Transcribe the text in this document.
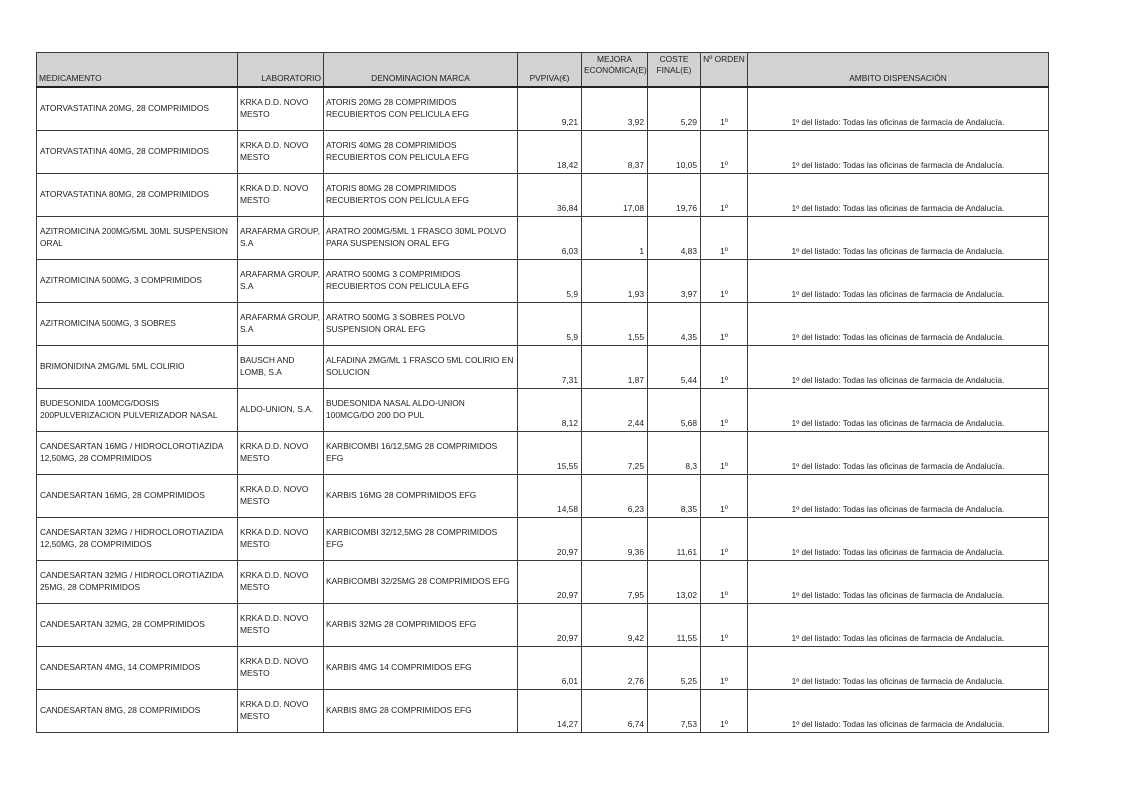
MEDICAMENTO	LABORATORIO	DENOMINACION MARCA	PVPIVA(€)	MEJORA ECONÓMICA(E)	COSTE FINAL(E)	Nº ORDEN	AMBITO DISPENSACIÓN
ATORVASTATINA 20MG, 28 COMPRIMIDOS	KRKA D.D. NOVO MESTO	ATORIS 20MG 28 COMPRIMIDOS RECUBIERTOS CON PELICULA EFG	9,21	3,92	5,29	1º	1º del listado: Todas las oficinas de farmacia de Andalucía.
ATORVASTATINA 40MG, 28 COMPRIMIDOS	KRKA D.D. NOVO MESTO	ATORIS 40MG 28 COMPRIMIDOS RECUBIERTOS CON PELICULA EFG	18,42	8,37	10,05	1º	1º del listado: Todas las oficinas de farmacia de Andalucía.
ATORVASTATINA 80MG, 28 COMPRIMIDOS	KRKA D.D. NOVO MESTO	ATORIS 80MG 28 COMPRIMIDOS RECUBIERTOS CON PELÍCULA EFG	36,84	17,08	19,76	1º	1º del listado: Todas las oficinas de farmacia de Andalucía.
AZITROMICINA 200MG/5ML 30ML SUSPENSION ORAL	ARAFARMA GROUP, S.A	ARATRO 200MG/5ML 1 FRASCO 30ML POLVO PARA SUSPENSION ORAL EFG	6,03	1	4,83	1º	1º del listado: Todas las oficinas de farmacia de Andalucía.
AZITROMICINA 500MG, 3 COMPRIMIDOS	ARAFARMA GROUP, S.A	ARATRO 500MG 3 COMPRIMIDOS RECUBIERTOS CON PELICULA EFG	5,9	1,93	3,97	1º	1º del listado: Todas las oficinas de farmacia de Andalucía.
AZITROMICINA 500MG, 3 SOBRES	ARAFARMA GROUP, S.A	ARATRO 500MG 3 SOBRES POLVO SUSPENSION ORAL EFG	5,9	1,55	4,35	1º	1º del listado: Todas las oficinas de farmacia de Andalucía.
BRIMONIDINA 2MG/ML 5ML COLIRIO	BAUSCH AND LOMB, S.A	ALFADINA 2MG/ML 1 FRASCO 5ML COLIRIO EN SOLUCION	7,31	1,87	5,44	1º	1º del listado: Todas las oficinas de farmacia de Andalucía.
BUDESONIDA 100MCG/DOSIS 200PULVERIZACION PULVERIZADOR NASAL	ALDO-UNION, S.A.	BUDESONIDA NASAL ALDO-UNION 100MCG/DO 200 DO PUL	8,12	2,44	5,68	1º	1º del listado: Todas las oficinas de farmacia de Andalucía.
CANDESARTAN 16MG / HIDROCLOROTIAZIDA 12,50MG, 28 COMPRIMIDOS	KRKA D.D. NOVO MESTO	KARBICOMBI 16/12,5MG 28 COMPRIMIDOS EFG	15,55	7,25	8,3	1º	1º del listado: Todas las oficinas de farmacia de Andalucía.
CANDESARTAN 16MG, 28 COMPRIMIDOS	KRKA D.D. NOVO MESTO	KARBIS 16MG 28 COMPRIMIDOS EFG	14,58	6,23	8,35	1º	1º del listado: Todas las oficinas de farmacia de Andalucía.
CANDESARTAN 32MG / HIDROCLOROTIAZIDA 12,50MG, 28 COMPRIMIDOS	KRKA D.D. NOVO MESTO	KARBICOMBI 32/12,5MG 28 COMPRIMIDOS EFG	20,97	9,36	11,61	1º	1º del listado: Todas las oficinas de farmacia de Andalucía.
CANDESARTAN 32MG / HIDROCLOROTIAZIDA 25MG, 28 COMPRIMIDOS	KRKA D.D. NOVO MESTO	KARBICOMBI 32/25MG 28 COMPRIMIDOS EFG	20,97	7,95	13,02	1º	1º del listado: Todas las oficinas de farmacia de Andalucía.
CANDESARTAN 32MG, 28 COMPRIMIDOS	KRKA D.D. NOVO MESTO	KARBIS 32MG 28 COMPRIMIDOS EFG	20,97	9,42	11,55	1º	1º del listado: Todas las oficinas de farmacia de Andalucía.
CANDESARTAN 4MG, 14 COMPRIMIDOS	KRKA D.D. NOVO MESTO	KARBIS 4MG 14 COMPRIMIDOS EFG	6,01	2,76	5,25	1º	1º del listado: Todas las oficinas de farmacia de Andalucía.
CANDESARTAN 8MG, 28 COMPRIMIDOS	KRKA D.D. NOVO MESTO	KARBIS 8MG 28 COMPRIMIDOS EFG	14,27	6,74	7,53	1º	1º del listado: Todas las oficinas de farmacia de Andalucía.
